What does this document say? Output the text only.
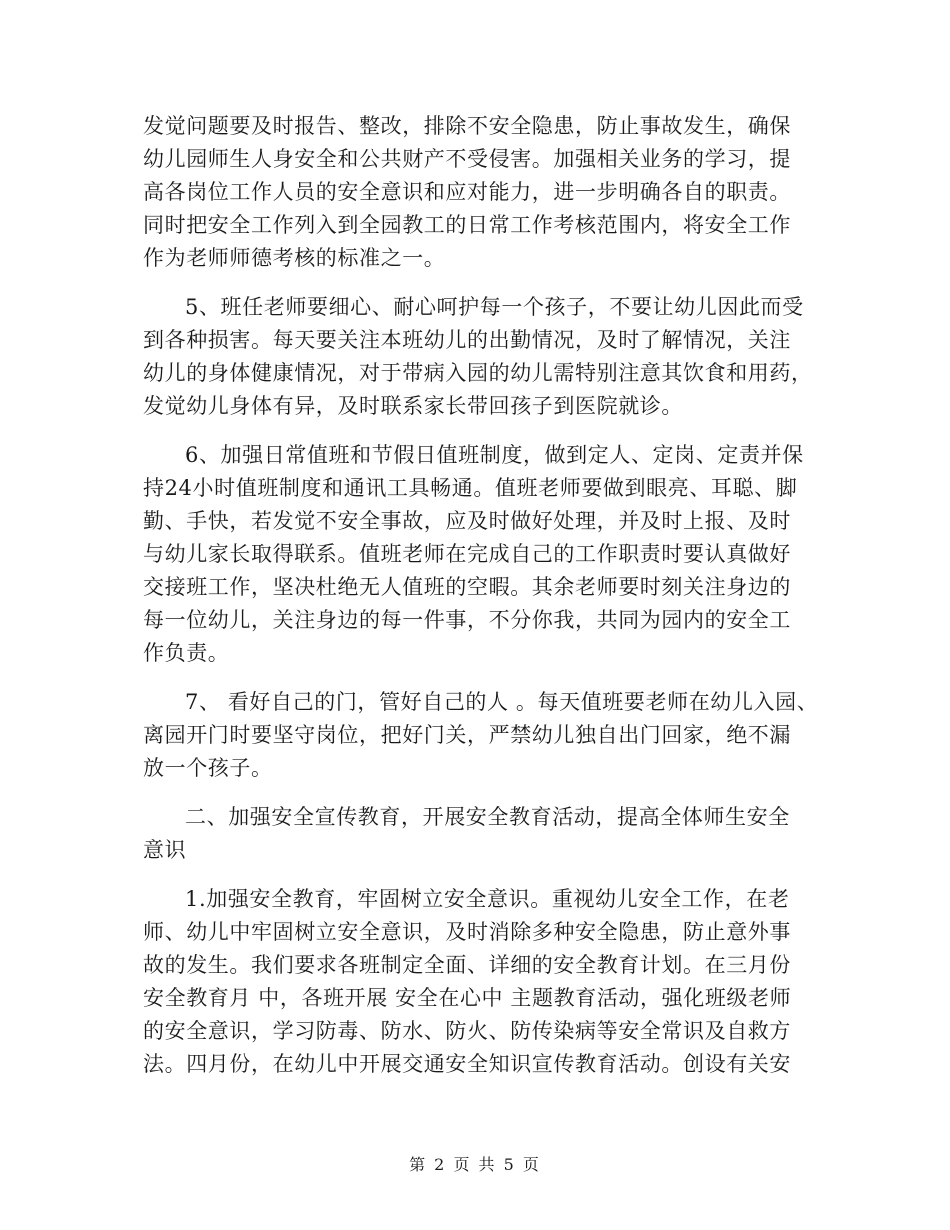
发觉问题要及时报告、整改，排除不安全隐患，防止事故发生，确保
幼儿园师生人身安全和公共财产不受侵害。加强相关业务的学习，提
高各岗位工作人员的安全意识和应对能力，进一步明确各自的职责。
同时把安全工作列入到全园教工的日常工作考核范围内，将安全工作
作为老师师德考核的标准之一。
5、班任老师要细心、耐心呵护每一个孩子，不要让幼儿因此而受
到各种损害。每天要关注本班幼儿的出勤情况，及时了解情况，关注
幼儿的身体健康情况，对于带病入园的幼儿需特别注意其饮食和用药，
发觉幼儿身体有异，及时联系家长带回孩子到医院就诊。
6、加强日常值班和节假日值班制度，做到定人、定岗、定责并保
持24小时值班制度和通讯工具畅通。值班老师要做到眼亮、耳聪、脚
勤、手快，若发觉不安全事故，应及时做好处理，并及时上报、及时
与幼儿家长取得联系。值班老师在完成自己的工作职责时要认真做好
交接班工作，坚决杜绝无人值班的空暇。其余老师要时刻关注身边的
每一位幼儿，关注身边的每一件事，不分你我，共同为园内的安全工
作负责。
7、 看好自己的门，管好自己的人 。每天值班要老师在幼儿入园、
离园开门时要坚守岗位，把好门关，严禁幼儿独自出门回家，绝不漏
放一个孩子。
二、加强安全宣传教育，开展安全教育活动，提高全体师生安全
意识
1.加强安全教育，牢固树立安全意识。重视幼儿安全工作，在老
师、幼儿中牢固树立安全意识，及时消除多种安全隐患，防止意外事
故的发生。我们要求各班制定全面、详细的安全教育计划。在三月份
安全教育月 中，各班开展 安全在心中 主题教育活动，强化班级老师
的安全意识，学习防毒、防水、防火、防传染病等安全常识及自救方
法。四月份，在幼儿中开展交通安全知识宣传教育活动。创设有关安
第 2 页 共 5 页
